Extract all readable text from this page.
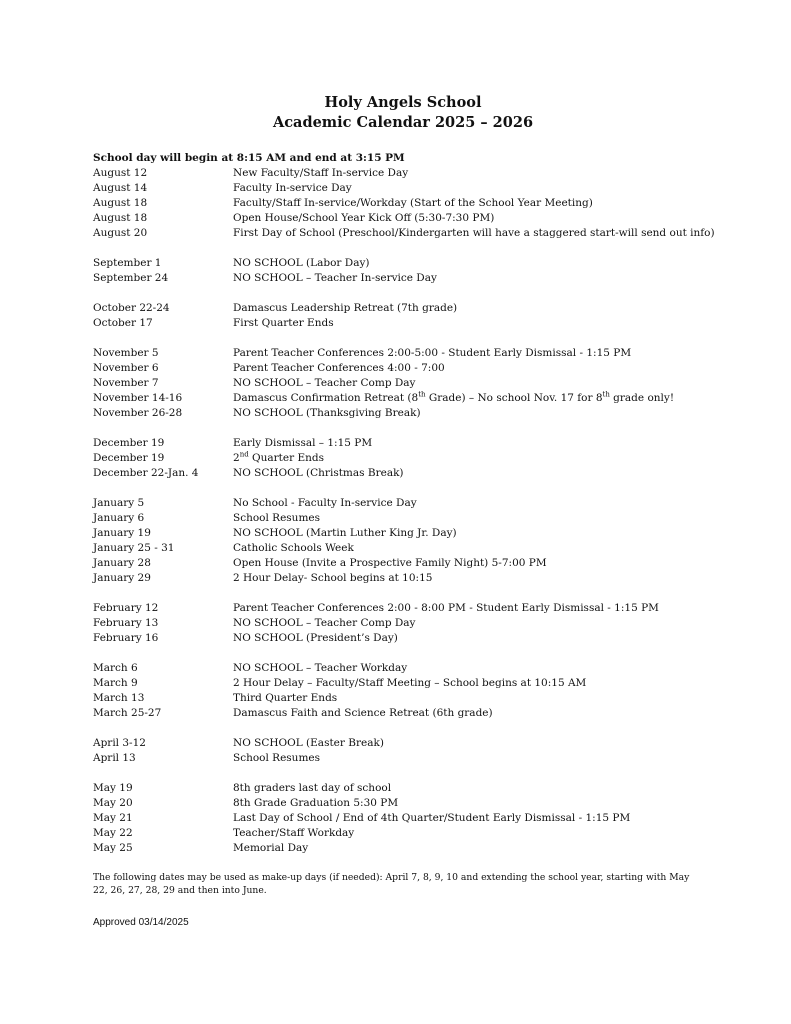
Holy Angels School
Academic Calendar 2025 – 2026
School day will begin at 8:15 AM and end at 3:15 PM
August 12	New Faculty/Staff In-service Day
August 14	Faculty In-service Day
August 18	Faculty/Staff In-service/Workday (Start of the School Year Meeting)
August 18	Open House/School Year Kick Off (5:30-7:30 PM)
August 20	First Day of School (Preschool/Kindergarten will have a staggered start-will send out info)
September 1	NO SCHOOL (Labor Day)
September 24	NO SCHOOL – Teacher In-service Day
October 22-24	Damascus Leadership Retreat (7th grade)
October 17	First Quarter Ends
November 5	Parent Teacher Conferences 2:00-5:00 - Student Early Dismissal - 1:15 PM
November 6	Parent Teacher Conferences 4:00 - 7:00
November 7	NO SCHOOL – Teacher Comp Day
November 14-16	Damascus Confirmation Retreat (8th Grade) – No school Nov. 17 for 8th grade only!
November 26-28	NO SCHOOL (Thanksgiving Break)
December 19	Early Dismissal – 1:15 PM
December 19	2nd Quarter Ends
December 22-Jan. 4	NO SCHOOL (Christmas Break)
January 5	No School - Faculty In-service Day
January 6	School Resumes
January 19	NO SCHOOL (Martin Luther King Jr. Day)
January 25 - 31	Catholic Schools Week
January 28	Open House (Invite a Prospective Family Night) 5-7:00 PM
January 29	2 Hour Delay- School begins at 10:15
February 12	Parent Teacher Conferences 2:00 - 8:00 PM - Student Early Dismissal - 1:15 PM
February 13	NO SCHOOL – Teacher Comp Day
February 16	NO SCHOOL (President’s Day)
March 6	NO SCHOOL – Teacher Workday
March 9	2 Hour Delay – Faculty/Staff Meeting – School begins at 10:15 AM
March 13	Third Quarter Ends
March 25-27	Damascus Faith and Science Retreat (6th grade)
April 3-12	NO SCHOOL (Easter Break)
April 13	School Resumes
May 19	8th graders last day of school
May 20	8th Grade Graduation 5:30 PM
May 21	Last Day of School / End of 4th Quarter/Student Early Dismissal - 1:15 PM
May 22	Teacher/Staff Workday
May 25	Memorial Day
The following dates may be used as make-up days (if needed): April 7, 8, 9, 10 and extending the school year, starting with May 22, 26, 27, 28, 29 and then into June.
Approved 03/14/2025
